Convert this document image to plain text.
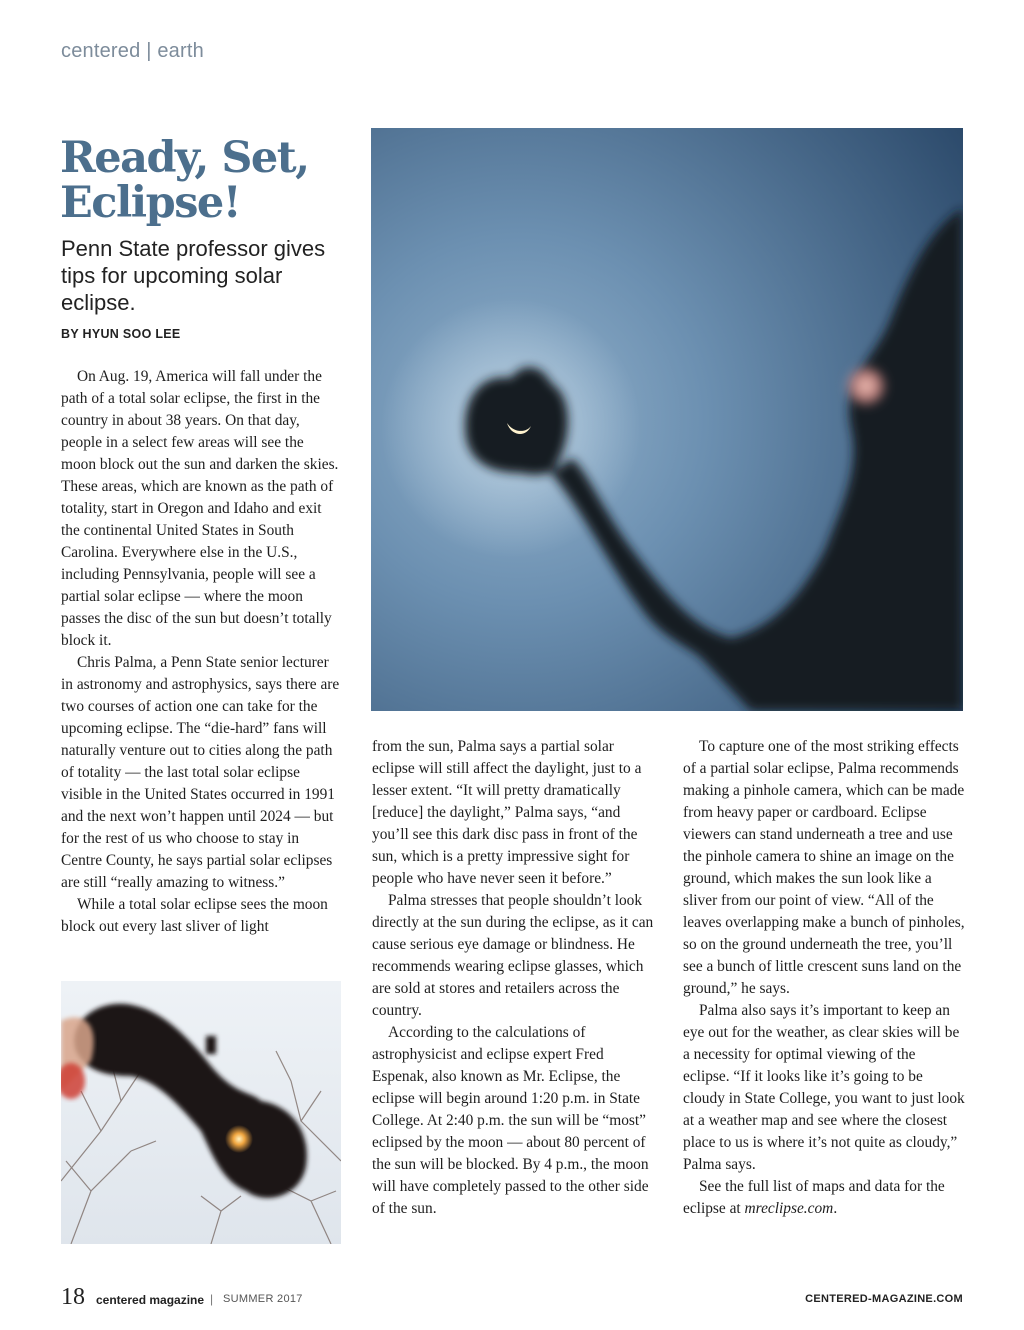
centered | earth
Ready, Set, Eclipse!
Penn State professor gives tips for upcoming solar eclipse.
BY HYUN SOO LEE

On Aug. 19, America will fall under the path of a total solar eclipse, the first in the country in about 38 years. On that day, people in a select few areas will see the moon block out the sun and darken the skies. These areas, which are known as the path of totality, start in Oregon and Idaho and exit the continental United States in South Carolina. Everywhere else in the U.S., including Pennsylvania, people will see a partial solar eclipse — where the moon passes the disc of the sun but doesn’t totally block it.

Chris Palma, a Penn State senior lecturer in astronomy and astrophysics, says there are two courses of action one can take for the upcoming eclipse. The “die-hard” fans will naturally venture out to cities along the path of totality — the last total solar eclipse visible in the United States occurred in 1991 and the next won’t happen until 2024 — but for the rest of us who choose to stay in Centre County, he says partial solar eclipses are still “really amazing to witness.”

While a total solar eclipse sees the moon block out every last sliver of light

from the sun, Palma says a partial solar eclipse will still affect the daylight, just to a lesser extent. “It will pretty dramatically [reduce] the daylight,” Palma says, “and you’ll see this dark disc pass in front of the sun, which is a pretty impressive sight for people who have never seen it before.”

Palma stresses that people shouldn’t look directly at the sun during the eclipse, as it can cause serious eye damage or blindness. He recommends wearing eclipse glasses, which are sold at stores and retailers across the country.

According to the calculations of astrophysicist and eclipse expert Fred Espenak, also known as Mr. Eclipse, the eclipse will begin around 1:20 p.m. in State College. At 2:40 p.m. the sun will be “most” eclipsed by the moon — about 80 percent of the sun will be blocked. By 4 p.m., the moon will have completely passed to the other side of the sun.

To capture one of the most striking effects of a partial solar eclipse, Palma recommends making a pinhole camera, which can be made from heavy paper or cardboard. Eclipse viewers can stand underneath a tree and use the pinhole camera to shine an image on the ground, which makes the sun look like a sliver from our point of view. “All of the leaves overlapping make a bunch of pinholes, so on the ground underneath the tree, you’ll see a bunch of little crescent suns land on the ground,” he says.

Palma also says it’s important to keep an eye out for the weather, as clear skies will be a necessity for optimal viewing of the eclipse. “If it looks like it’s going to be cloudy in State College, you want to just look at a weather map and see where the closest place to us is where it’s not quite as cloudy,” Palma says.

See the full list of maps and data for the eclipse at mreclipse.com.

18 centered magazine | SUMMER 2017	CENTERED-MAGAZINE.COM
